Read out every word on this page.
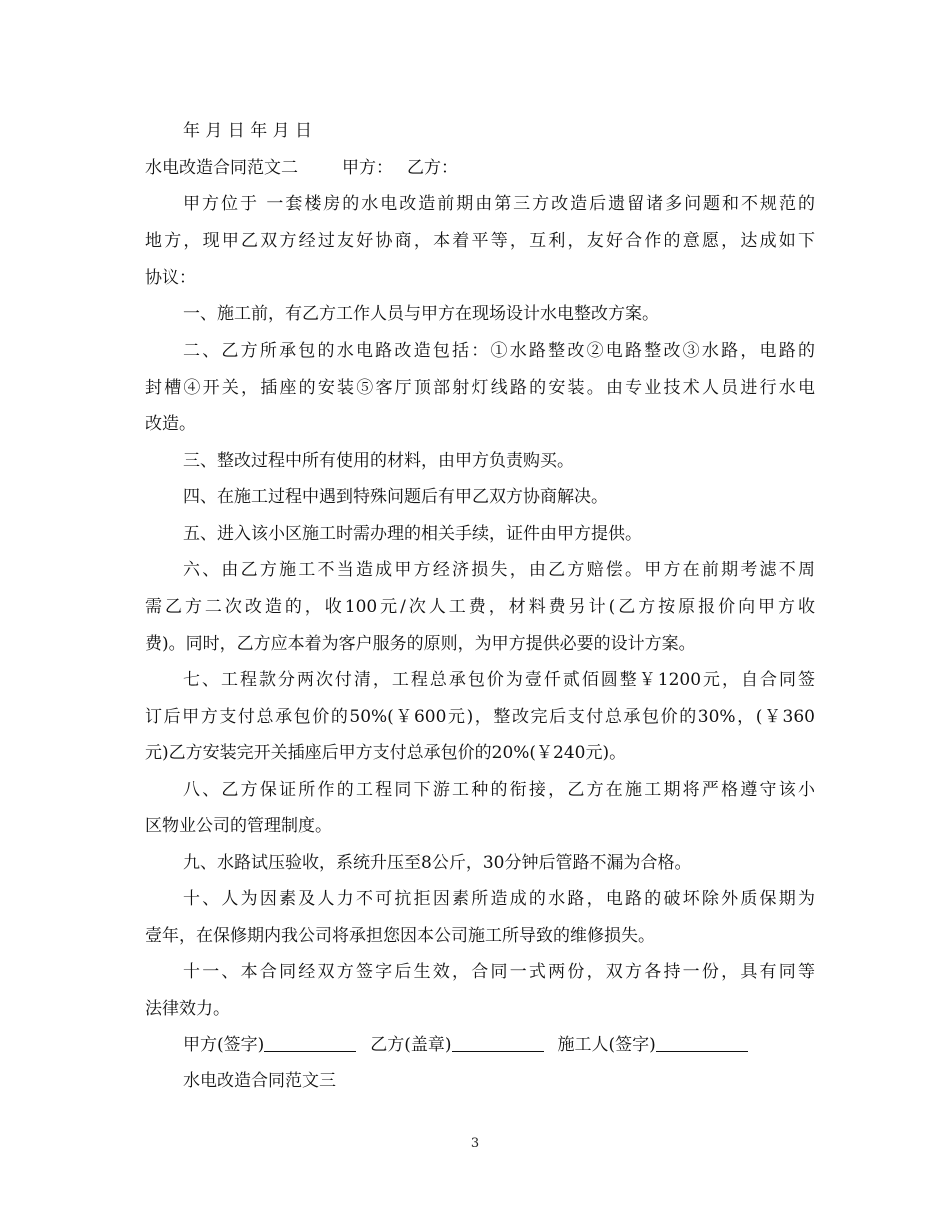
年 月 日 年 月 日
水电改造合同范文二	甲方： 乙方：
甲方位于 一套楼房的水电改造前期由第三方改造后遗留诸多问题和不规范的
地方，现甲乙双方经过友好协商，本着平等，互利，友好合作的意愿，达成如下
协议：
一、施工前，有乙方工作人员与甲方在现场设计水电整改方案。
二、乙方所承包的水电路改造包括：①水路整改②电路整改③水路，电路的
封槽④开关，插座的安装⑤客厅顶部射灯线路的安装。由专业技术人员进行水电
改造。
三、整改过程中所有使用的材料，由甲方负责购买。
四、在施工过程中遇到特殊问题后有甲乙双方协商解决。
五、进入该小区施工时需办理的相关手续，证件由甲方提供。
六、由乙方施工不当造成甲方经济损失，由乙方赔偿。甲方在前期考滤不周
需乙方二次改造的，收100元/次人工费，材料费另计(乙方按原报价向甲方收
费)。同时，乙方应本着为客户服务的原则，为甲方提供必要的设计方案。
七、工程款分两次付清，工程总承包价为壹仟贰佰圆整￥1200元，自合同签
订后甲方支付总承包价的50%(￥600元)，整改完后支付总承包价的30%，(￥360
元)乙方安装完开关插座后甲方支付总承包价的20%(￥240元)。
八、乙方保证所作的工程同下游工种的衔接，乙方在施工期将严格遵守该小
区物业公司的管理制度。
九、水路试压验收，系统升压至8公斤，30分钟后管路不漏为合格。
十、人为因素及人力不可抗拒因素所造成的水路，电路的破坏除外质保期为
壹年，在保修期内我公司将承担您因本公司施工所导致的维修损失。
十一、本合同经双方签字后生效，合同一式两份，双方各持一份，具有同等
法律效力。
甲方(签字)	乙方(盖章)	施工人(签字)
水电改造合同范文三
3
